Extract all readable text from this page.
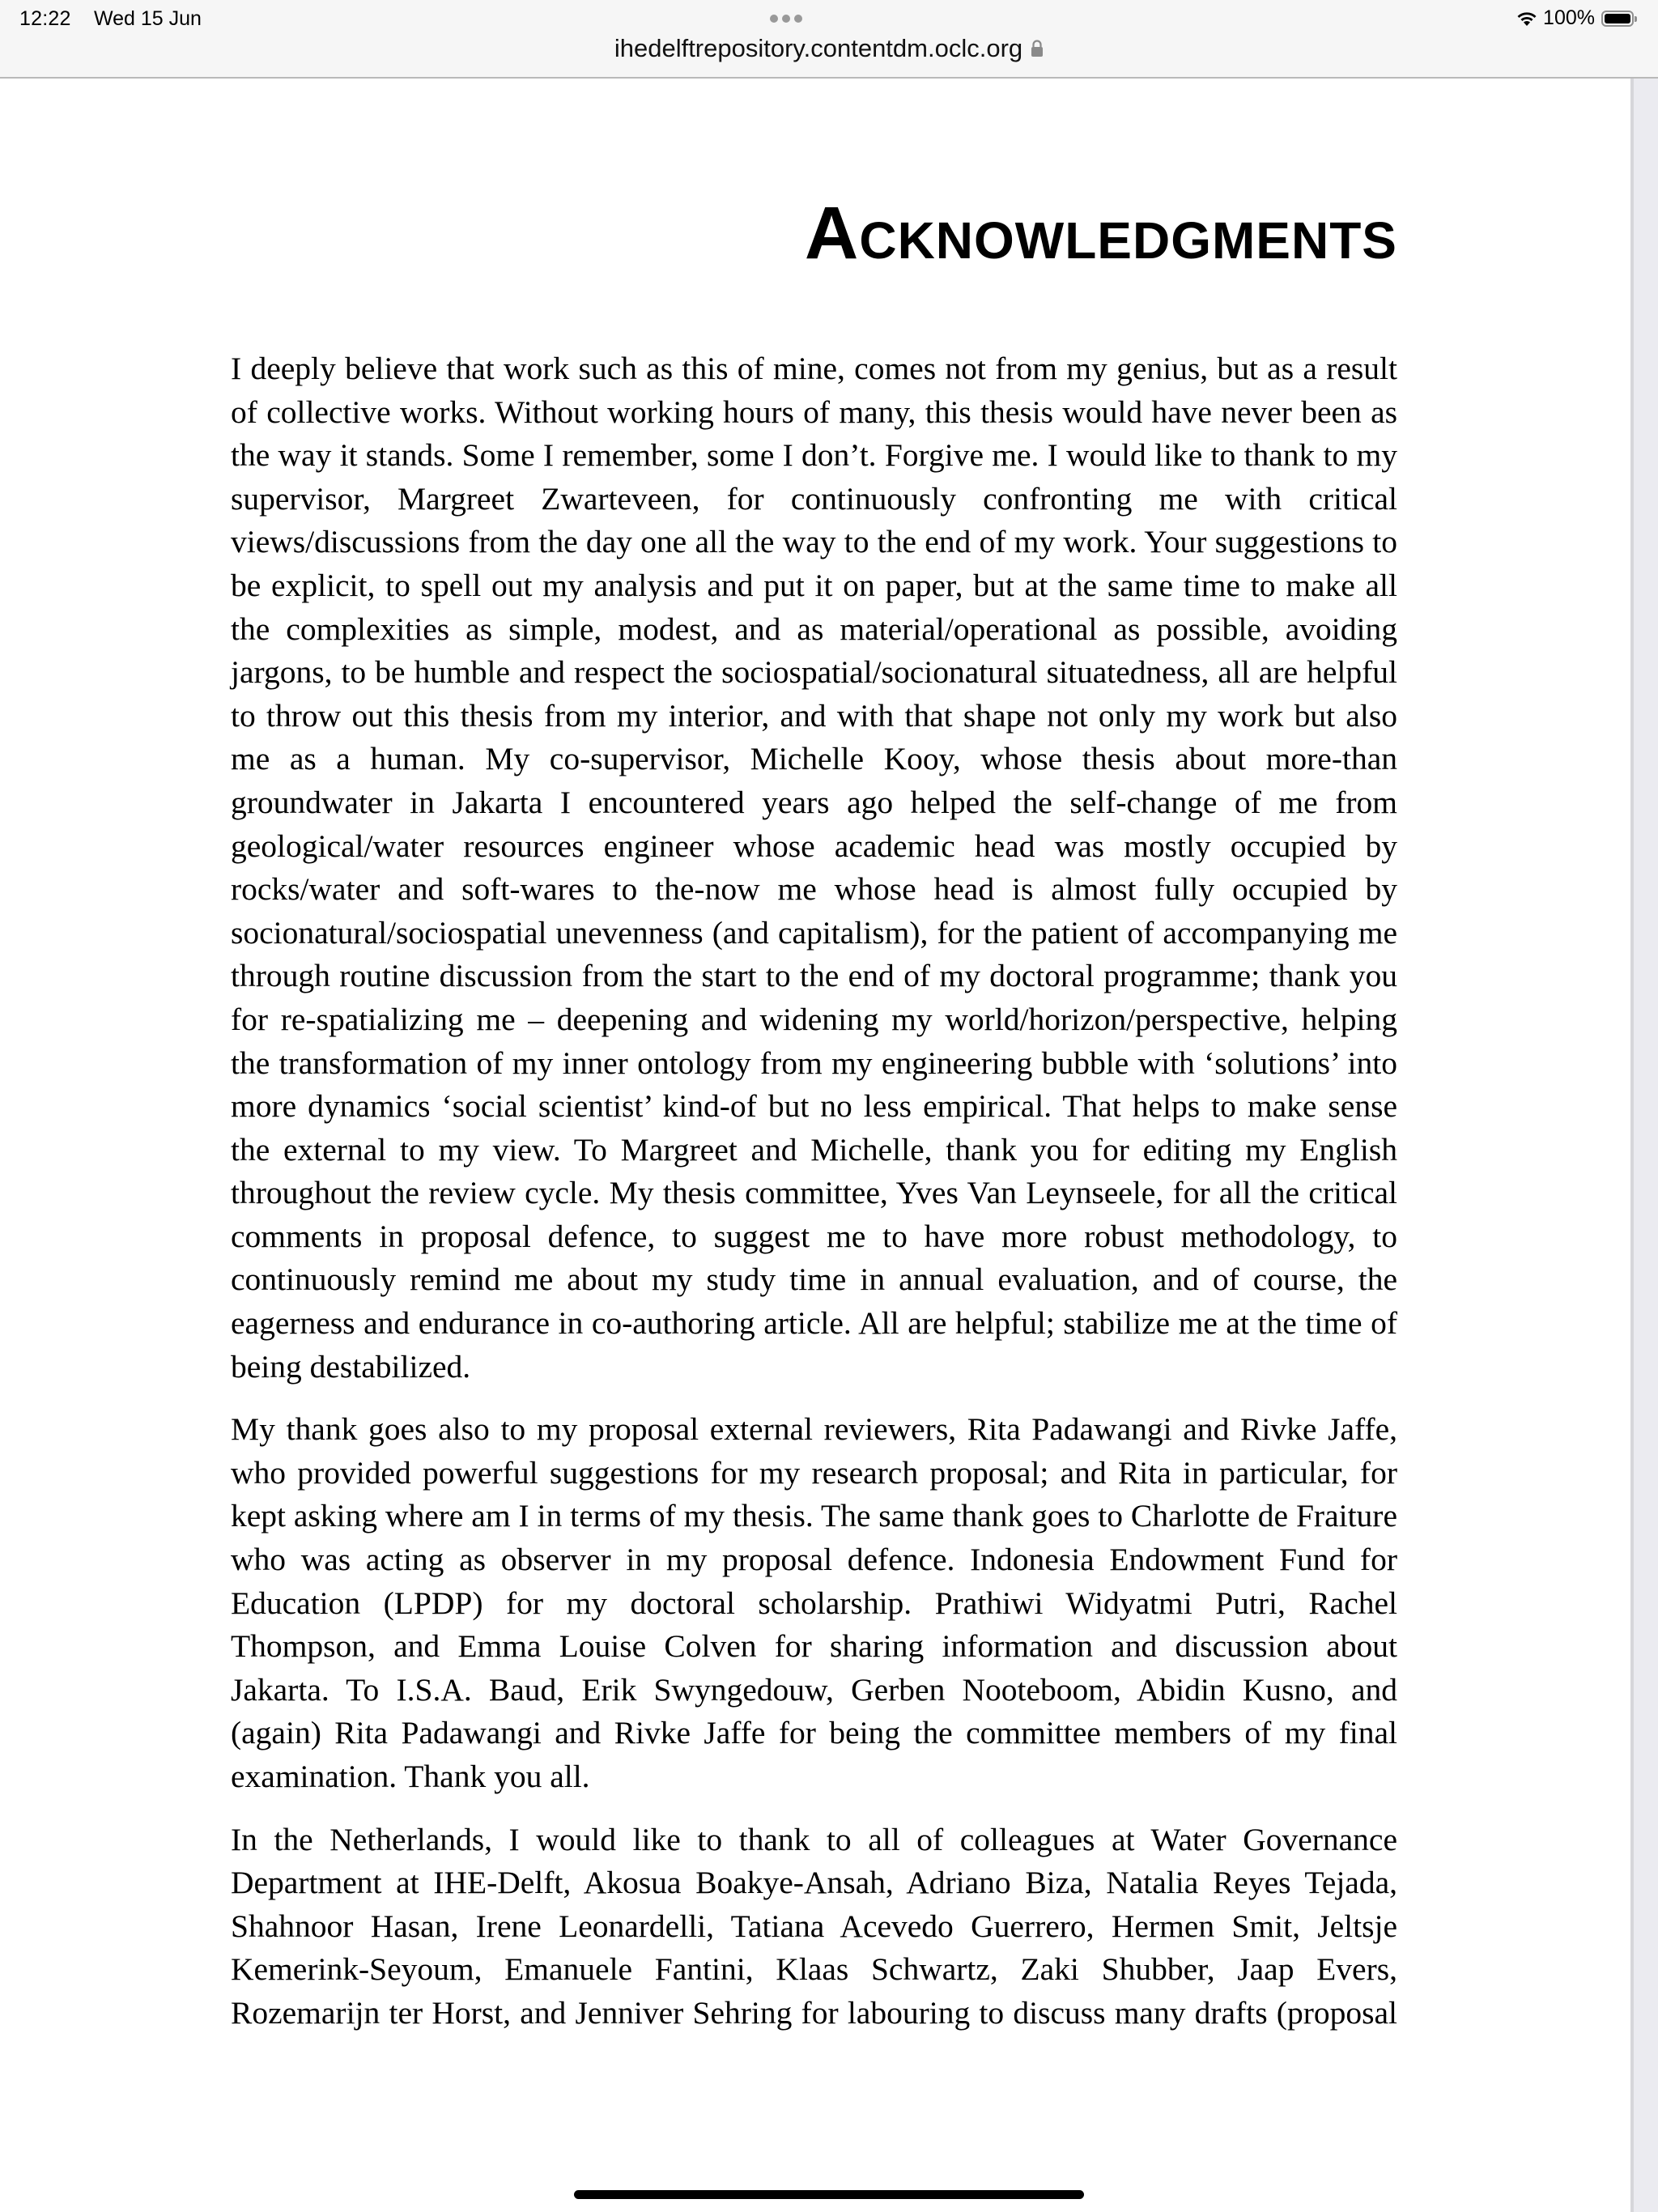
12:22 Wed 15 Jun	100%
ihedelftrepository.contentdm.oclc.org
Acknowledgments

I deeply believe that work such as this of mine, comes not from my genius, but as a result of collective works. Without working hours of many, this thesis would have never been as the way it stands. Some I remember, some I don’t. Forgive me. I would like to thank to my supervisor, Margreet Zwarteveen, for continuously confronting me with critical views/discussions from the day one all the way to the end of my work. Your suggestions to be explicit, to spell out my analysis and put it on paper, but at the same time to make all the complexities as simple, modest, and as material/operational as possible, avoiding jargons, to be humble and respect the sociospatial/socionatural situatedness, all are helpful to throw out this thesis from my interior, and with that shape not only my work but also me as a human. My co-supervisor, Michelle Kooy, whose thesis about more-than groundwater in Jakarta I encountered years ago helped the self-change of me from geological/water resources engineer whose academic head was mostly occupied by rocks/water and soft-wares to the-now me whose head is almost fully occupied by socionatural/sociospatial unevenness (and capitalism), for the patient of accompanying me through routine discussion from the start to the end of my doctoral programme; thank you for re-spatializing me – deepening and widening my world/horizon/perspective, helping the transformation of my inner ontology from my engineering bubble with ‘solutions’ into more dynamics ‘social scientist’ kind-of but no less empirical. That helps to make sense the external to my view. To Margreet and Michelle, thank you for editing my English throughout the review cycle. My thesis committee, Yves Van Leynseele, for all the critical comments in proposal defence, to suggest me to have more robust methodology, to continuously remind me about my study time in annual evaluation, and of course, the eagerness and endurance in co-authoring article. All are helpful; stabilize me at the time of being destabilized.

My thank goes also to my proposal external reviewers, Rita Padawangi and Rivke Jaffe, who provided powerful suggestions for my research proposal; and Rita in particular, for kept asking where am I in terms of my thesis. The same thank goes to Charlotte de Fraiture who was acting as observer in my proposal defence. Indonesia Endowment Fund for Education (LPDP) for my doctoral scholarship. Prathiwi Widyatmi Putri, Rachel Thompson, and Emma Louise Colven for sharing information and discussion about Jakarta. To I.S.A. Baud, Erik Swyngedouw, Gerben Nooteboom, Abidin Kusno, and (again) Rita Padawangi and Rivke Jaffe for being the committee members of my final examination. Thank you all.

In the Netherlands, I would like to thank to all of colleagues at Water Governance Department at IHE-Delft, Akosua Boakye-Ansah, Adriano Biza, Natalia Reyes Tejada, Shahnoor Hasan, Irene Leonardelli, Tatiana Acevedo Guerrero, Hermen Smit, Jeltsje Kemerink-Seyoum, Emanuele Fantini, Klaas Schwartz, Zaki Shubber, Jaap Evers, Rozemarijn ter Horst, and Jenniver Sehring for labouring to discuss many drafts (proposal
